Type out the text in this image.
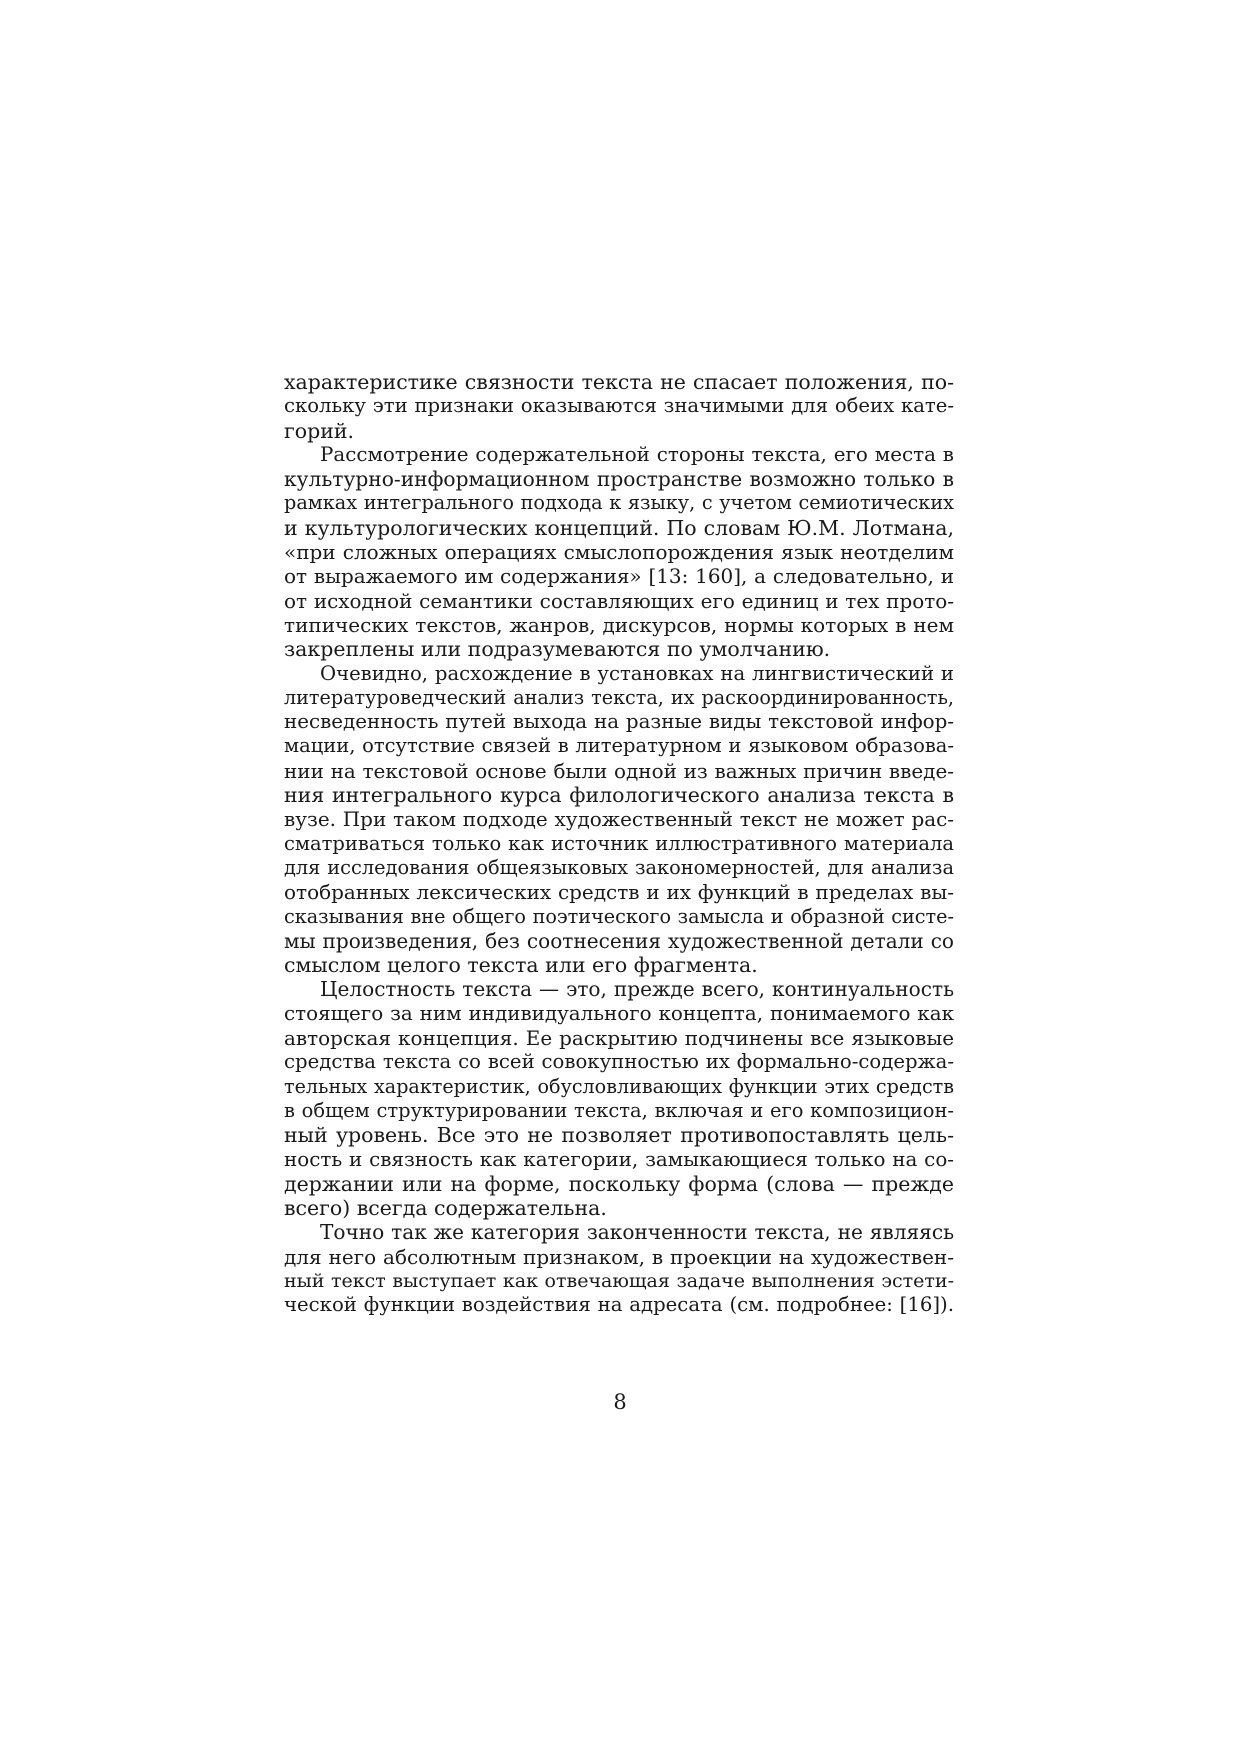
характеристике связности текста не спасает положения, по-
скольку эти признаки оказываются значимыми для обеих кате-
горий.
Рассмотрение содержательной стороны текста, его места в
культурно-информационном пространстве возможно только в
рамках интегрального подхода к языку, с учетом семиотических
и культурологических концепций. По словам Ю.М. Лотмана,
«при сложных операциях смыслопорождения язык неотделим
от выражаемого им содержания» [13: 160], а следовательно, и
от исходной семантики составляющих его единиц и тех прото-
типических текстов, жанров, дискурсов, нормы которых в нем
закреплены или подразумеваются по умолчанию.
Очевидно, расхождение в установках на лингвистический и
литературоведческий анализ текста, их раскоординированность,
несведенность путей выхода на разные виды текстовой инфор-
мации, отсутствие связей в литературном и языковом образова-
нии на текстовой основе были одной из важных причин введе-
ния интегрального курса филологического анализа текста в
вузе. При таком подходе художественный текст не может рас-
сматриваться только как источник иллюстративного материала
для исследования общеязыковых закономерностей, для анализа
отобранных лексических средств и их функций в пределах вы-
сказывания вне общего поэтического замысла и образной систе-
мы произведения, без соотнесения художественной детали со
смыслом целого текста или его фрагмента.
Целостность текста — это, прежде всего, континуальность
стоящего за ним индивидуального концепта, понимаемого как
авторская концепция. Ее раскрытию подчинены все языковые
средства текста со всей совокупностью их формально-содержа-
тельных характеристик, обусловливающих функции этих средств
в общем структурировании текста, включая и его композицион-
ный уровень. Все это не позволяет противопоставлять цель-
ность и связность как категории, замыкающиеся только на со-
держании или на форме, поскольку форма (слова — прежде
всего) всегда содержательна.
Точно так же категория законченности текста, не являясь
для него абсолютным признаком, в проекции на художествен-
ный текст выступает как отвечающая задаче выполнения эстети-
ческой функции воздействия на адресата (см. подробнее: [16]).
8
